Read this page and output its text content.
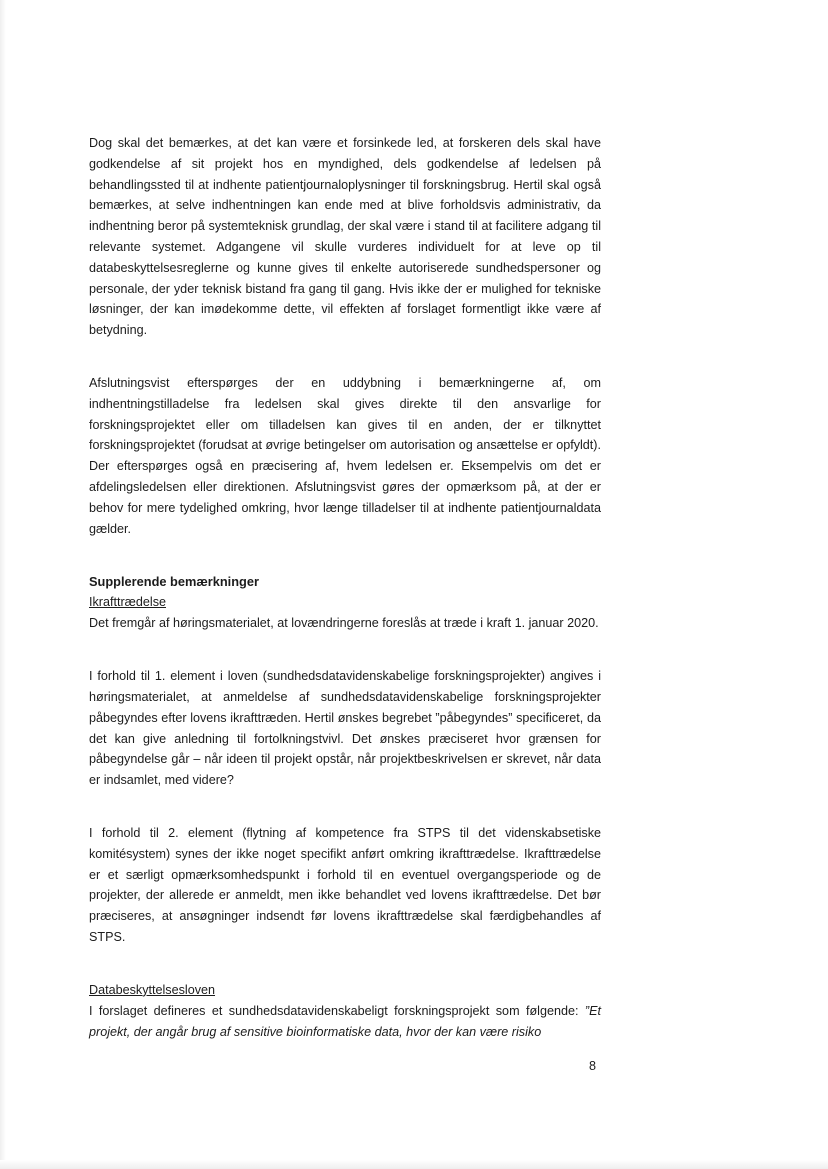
Dog skal det bemærkes, at det kan være et forsinkede led, at forskeren dels skal have godkendelse af sit projekt hos en myndighed, dels godkendelse af ledelsen på behandlingssted til at indhente patientjournaloplysninger til forskningsbrug. Hertil skal også bemærkes, at selve indhentningen kan ende med at blive forholdsvis administrativ, da indhentning beror på systemteknisk grundlag, der skal være i stand til at facilitere adgang til relevante systemet. Adgangene vil skulle vurderes individuelt for at leve op til databeskyttelsesreglerne og kunne gives til enkelte autoriserede sundhedspersoner og personale, der yder teknisk bistand fra gang til gang. Hvis ikke der er mulighed for tekniske løsninger, der kan imødekomme dette, vil effekten af forslaget formentligt ikke være af betydning.

Afslutningsvist efterspørges der en uddybning i bemærkningerne af, om indhentningstilladelse fra ledelsen skal gives direkte til den ansvarlige for forskningsprojektet eller om tilladelsen kan gives til en anden, der er tilknyttet forskningsprojektet (forudsat at øvrige betingelser om autorisation og ansættelse er opfyldt). Der efterspørges også en præcisering af, hvem ledelsen er. Eksempelvis om det er afdelingsledelsen eller direktionen. Afslutningsvist gøres der opmærksom på, at der er behov for mere tydelighed omkring, hvor længe tilladelser til at indhente patientjournaldata gælder.

Supplerende bemærkninger

Ikrafttrædelse

Det fremgår af høringsmaterialet, at lovændringerne foreslås at træde i kraft 1. januar 2020.

I forhold til 1. element i loven (sundhedsdatavidenskabelige forskningsprojekter) angives i høringsmaterialet, at anmeldelse af sundhedsdatavidenskabelige forskningsprojekter påbegyndes efter lovens ikrafttræden. Hertil ønskes begrebet ”påbegyndes” specificeret, da det kan give anledning til fortolkningstvivl. Det ønskes præciseret hvor grænsen for påbegyndelse går – når ideen til projekt opstår, når projektbeskrivelsen er skrevet, når data er indsamlet, med videre?

I forhold til 2. element (flytning af kompetence fra STPS til det videnskabsetiske komitésystem) synes der ikke noget specifikt anført omkring ikrafttrædelse. Ikrafttrædelse er et særligt opmærksomhedspunkt i forhold til en eventuel overgangsperiode og de projekter, der allerede er anmeldt, men ikke behandlet ved lovens ikrafttrædelse. Det bør præciseres, at ansøgninger indsendt før lovens ikrafttrædelse skal færdigbehandles af STPS.

Databeskyttelsesloven

I forslaget defineres et sundhedsdatavidenskabeligt forskningsprojekt som følgende: ”Et projekt, der angår brug af sensitive bioinformatiske data, hvor der kan være risiko

8
